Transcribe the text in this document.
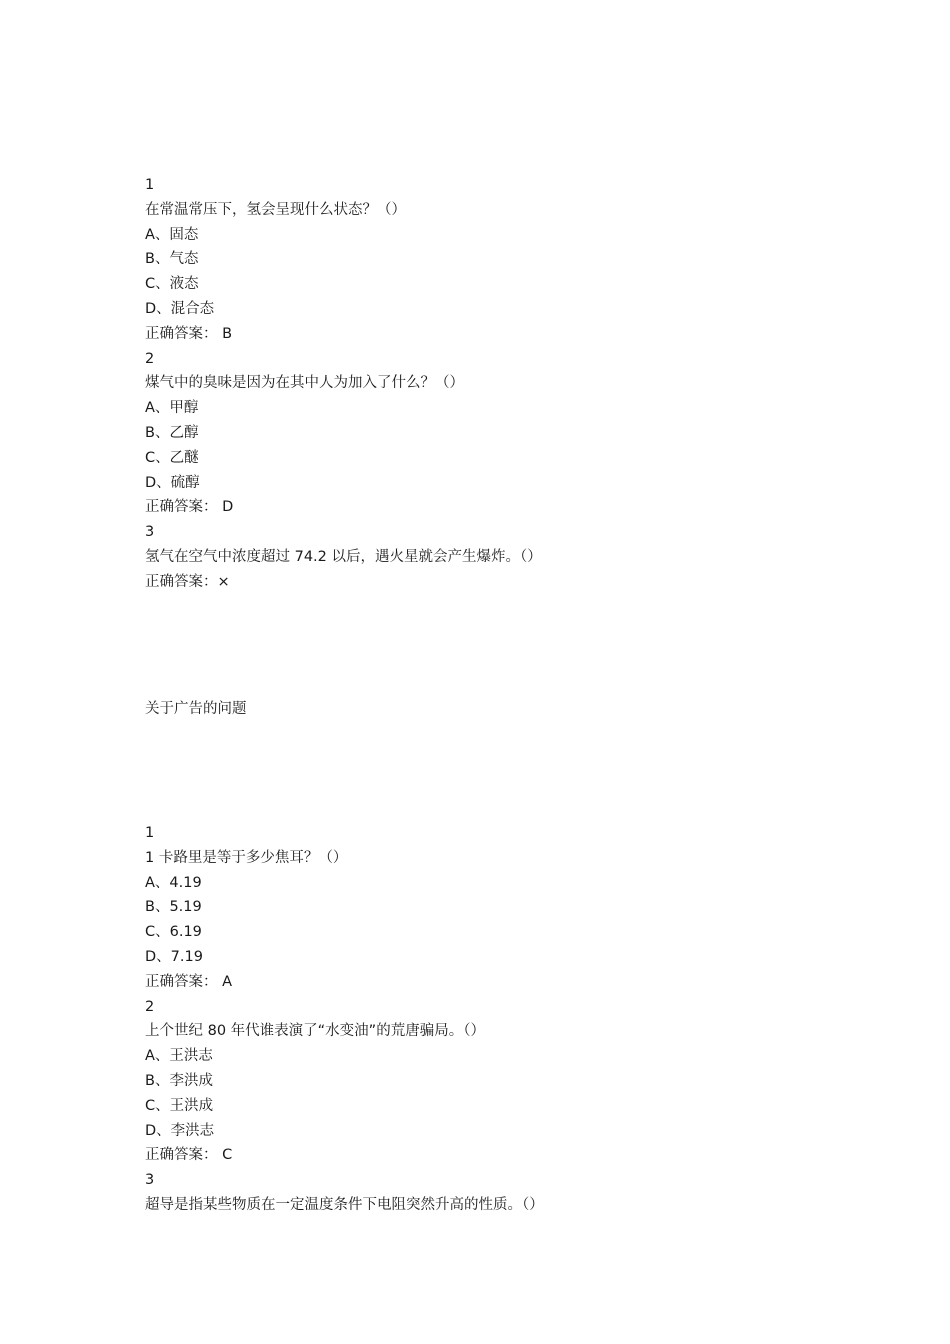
1
在常温常压下，氢会呈现什么状态？（）
A、固态
B、气态
C、液态
D、混合态
正确答案： B
2
煤气中的臭味是因为在其中人为加入了什么？（）
A、甲醇
B、乙醇
C、乙醚
D、硫醇
正确答案： D
3
氢气在空气中浓度超过 74.2 以后，遇火星就会产生爆炸。（）
正确答案：×
关于广告的问题
1
1 卡路里是等于多少焦耳？（）
A、4.19
B、5.19
C、6.19
D、7.19
正确答案： A
2
上个世纪 80 年代谁表演了“水变油”的荒唐骗局。（）
A、王洪志
B、李洪成
C、王洪成
D、李洪志
正确答案： C
3
超导是指某些物质在一定温度条件下电阻突然升高的性质。（）
